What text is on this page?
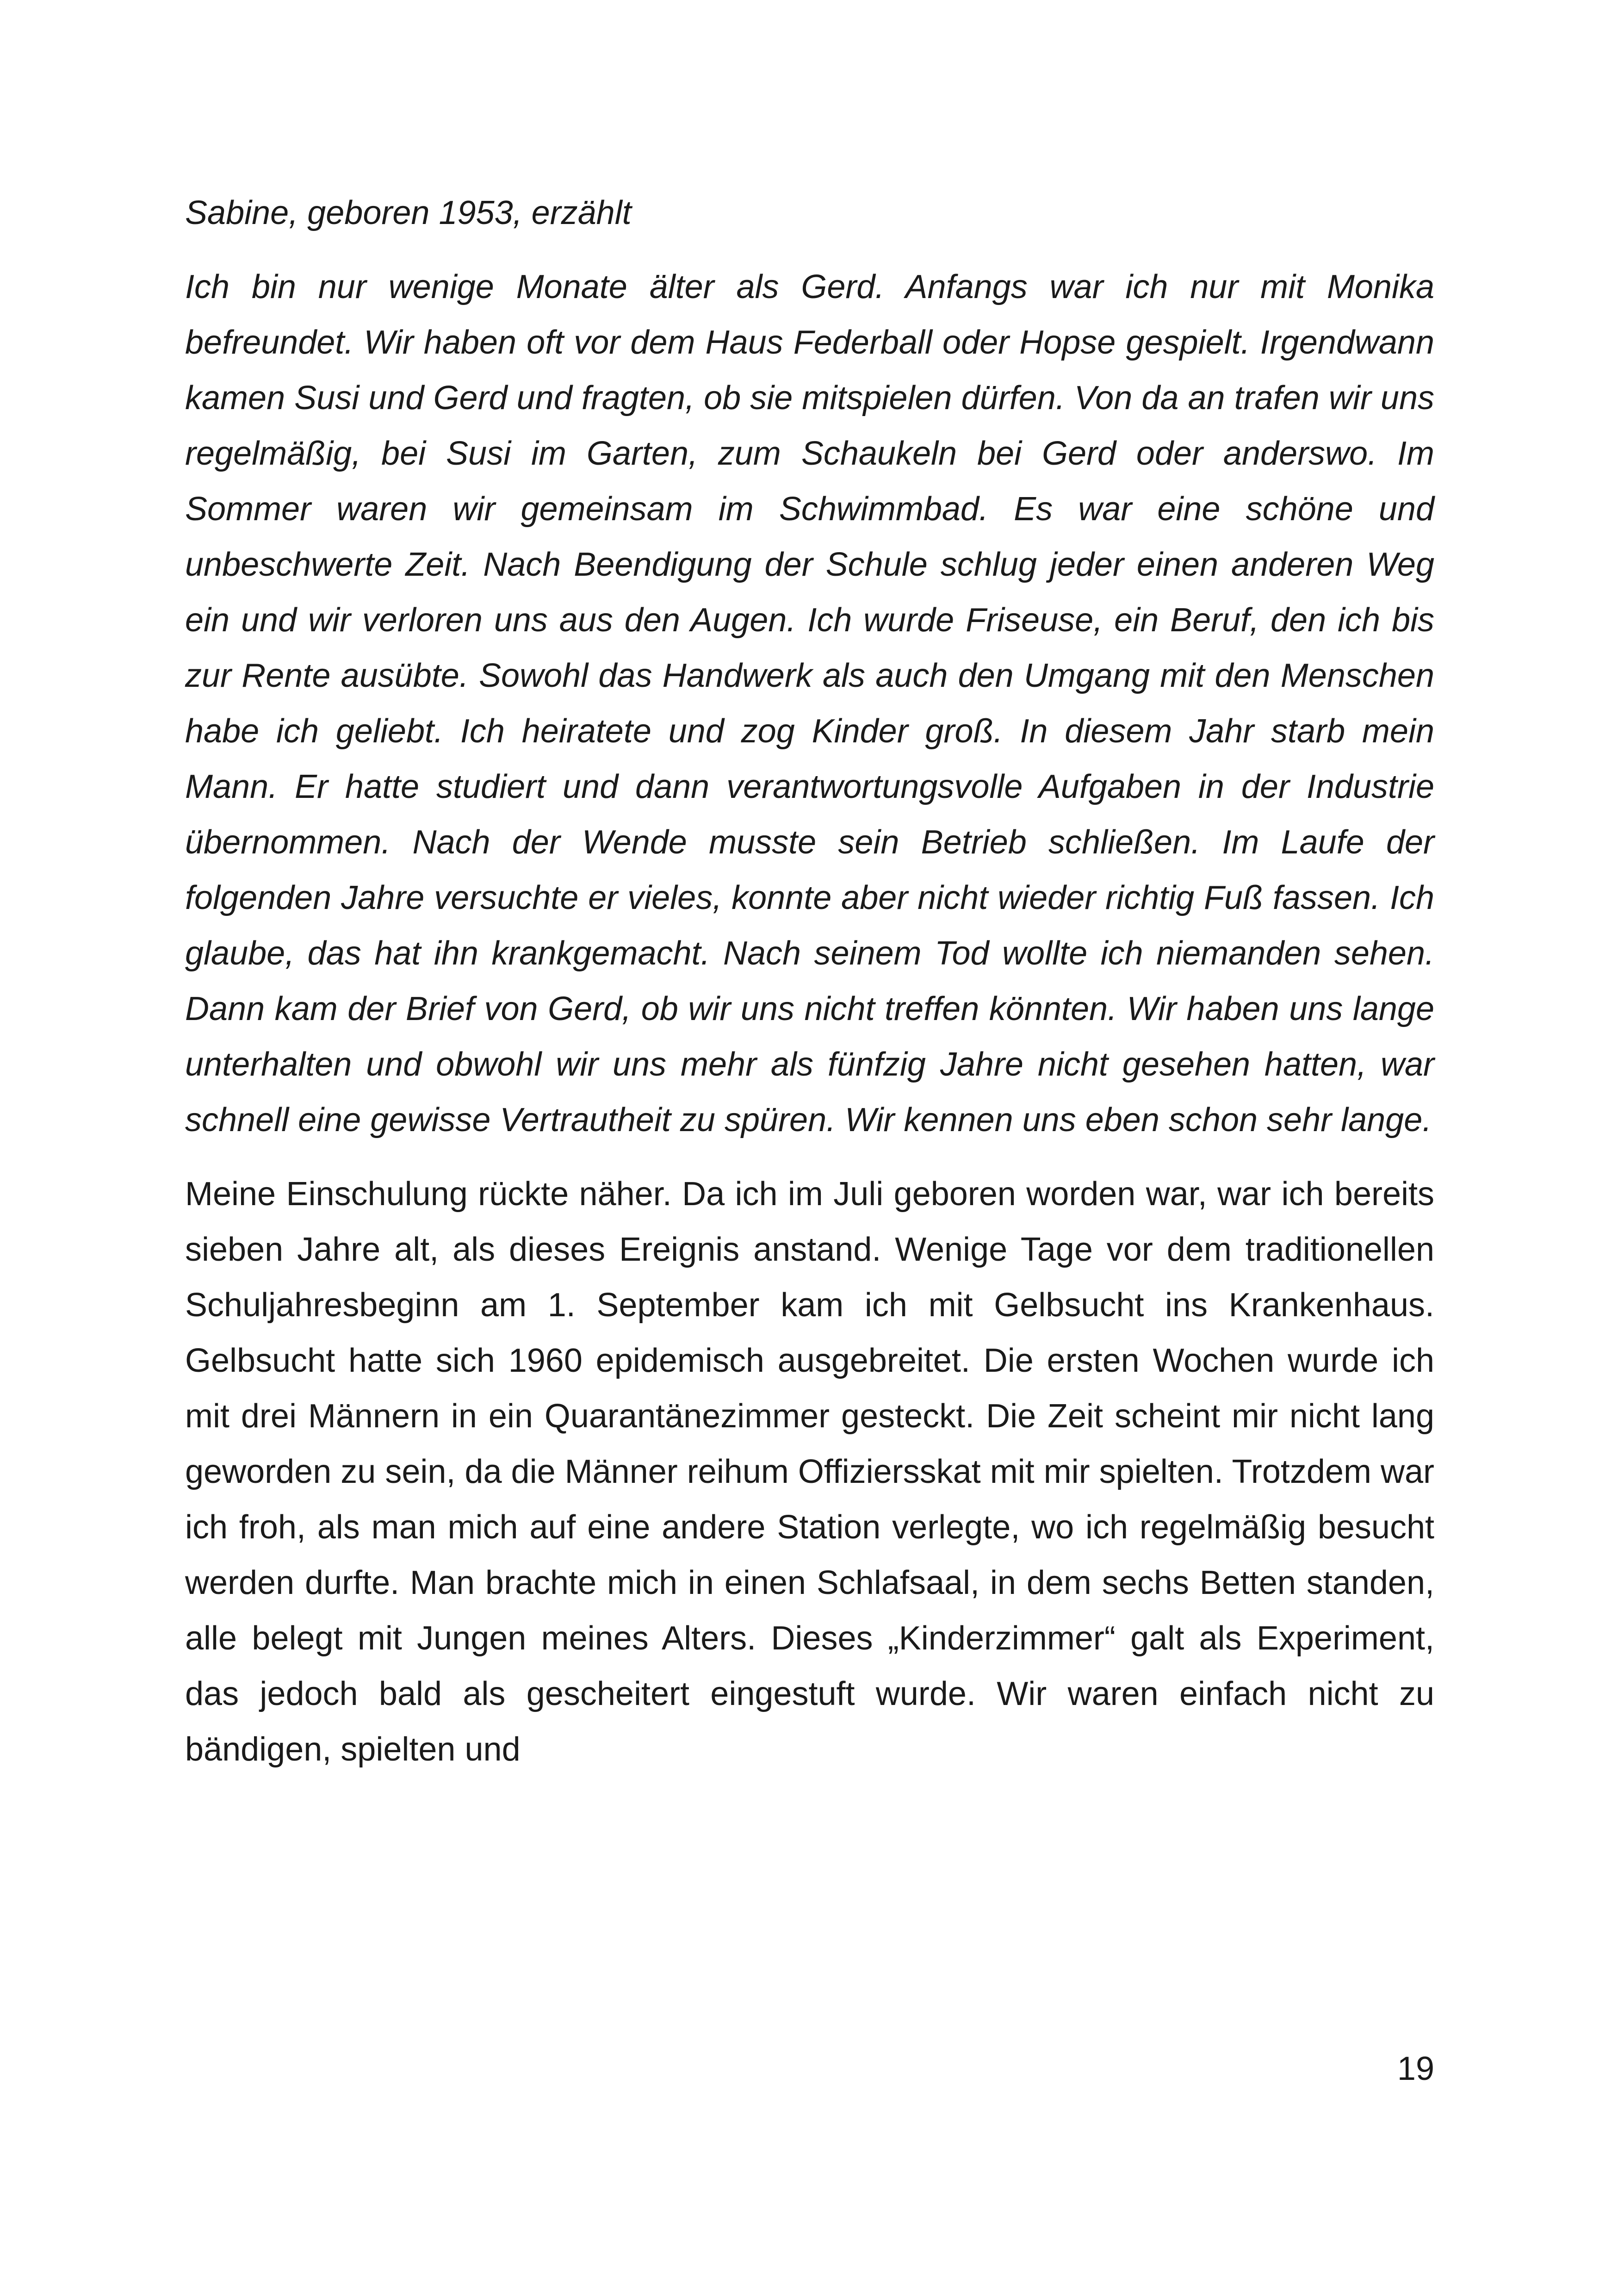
Sabine, geboren 1953, erzählt

Ich bin nur wenige Monate älter als Gerd. Anfangs war ich nur mit Monika befreundet. Wir haben oft vor dem Haus Federball oder Hopse gespielt. Irgendwann kamen Susi und Gerd und fragten, ob sie mitspielen dürfen. Von da an trafen wir uns regelmäßig, bei Susi im Garten, zum Schaukeln bei Gerd oder anderswo. Im Sommer waren wir gemeinsam im Schwimmbad. Es war eine schöne und unbeschwerte Zeit. Nach Beendigung der Schule schlug jeder einen anderen Weg ein und wir verloren uns aus den Augen. Ich wurde Friseuse, ein Beruf, den ich bis zur Rente ausübte. Sowohl das Handwerk als auch den Umgang mit den Menschen habe ich geliebt. Ich heiratete und zog Kinder groß. In diesem Jahr starb mein Mann. Er hatte studiert und dann verantwortungsvolle Aufgaben in der Industrie übernommen. Nach der Wende musste sein Betrieb schließen. Im Laufe der folgenden Jahre versuchte er vieles, konnte aber nicht wieder richtig Fuß fassen. Ich glaube, das hat ihn krankgemacht. Nach seinem Tod wollte ich niemanden sehen. Dann kam der Brief von Gerd, ob wir uns nicht treffen könnten. Wir haben uns lange unterhalten und obwohl wir uns mehr als fünfzig Jahre nicht gesehen hatten, war schnell eine gewisse Vertrautheit zu spüren. Wir kennen uns eben schon sehr lange.

Meine Einschulung rückte näher. Da ich im Juli geboren worden war, war ich bereits sieben Jahre alt, als dieses Ereignis anstand. Wenige Tage vor dem traditionellen Schuljahresbeginn am 1. September kam ich mit Gelbsucht ins Krankenhaus. Gelbsucht hatte sich 1960 epidemisch ausgebreitet. Die ersten Wochen wurde ich mit drei Männern in ein Quarantänezimmer gesteckt. Die Zeit scheint mir nicht lang geworden zu sein, da die Männer reihum Offiziersskat mit mir spielten. Trotzdem war ich froh, als man mich auf eine andere Station verlegte, wo ich regelmäßig besucht werden durfte. Man brachte mich in einen Schlafsaal, in dem sechs Betten standen, alle belegt mit Jungen meines Alters. Dieses „Kinderzimmer“ galt als Experiment, das jedoch bald als gescheitert eingestuft wurde. Wir waren einfach nicht zu bändigen, spielten und

19
